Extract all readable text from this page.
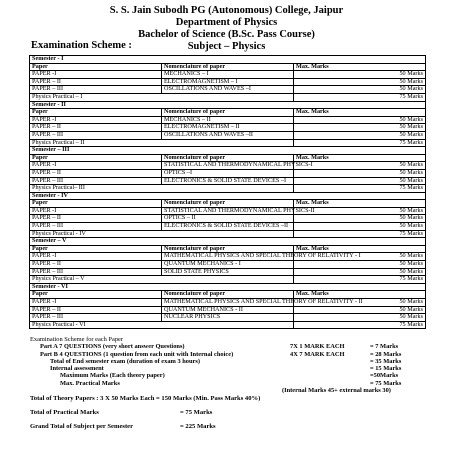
S. S. Jain Subodh PG (Autonomous) College, Jaipur
Department of Physics
Bachelor of Science (B.Sc. Pass Course)
Subject – Physics
Examination Scheme :
Semester - I		
Paper	Nomenclature of paper	Max. Marks
PAPER -I	MECHANICS – I	50 Marks
PAPER – II	ELECTROMAGNETISM – I	50 Marks
PAPER – III	OSCILLATIONS AND WAVES –I	50 Marks
Physics Practical – I		75 Marks
Semester - II		
Paper	Nomenclature of paper	Max. Marks
PAPER -I	MECHANICS – II	50 Marks
PAPER – II	ELECTROMAGNETISM – II	50 Marks
PAPER – III	OSCILLATIONS AND WAVES –II	50 Marks
Physics Practical – II		75 Marks
Semester – III		
Paper	Nomenclature of paper	Max. Marks
PAPER -I	STATISTICAL AND THERMODYNAMICAL PHYSICS-I	50 Marks
PAPER – II	OPTICS –I	50 Marks
PAPER – III	ELECTRONICS & SOLID STATE DEVICES –I	50 Marks
Physics Practical– III		75 Marks
Semester - IV		
Paper	Nomenclature of paper	Max. Marks
PAPER -I	STATISTICAL AND THERMODYNAMICAL PHYSICS-II	50 Marks
PAPER – II	OPTICS – II	50 Marks
PAPER – III	ELECTRONICS & SOLID STATE DEVICES –II	50 Marks
Physics Practical - IV		75 Marks
Semester – V		
Paper	Nomenclature of paper	Max. Marks
PAPER -I	MATHEMATICAL PHYSICS AND SPECIAL THEORY OF RELATIVITY - I	50 Marks
PAPER – II	QUANTUM MECHANICS - I	50 Marks
PAPER – III	SOLID STATE PHYSICS	50 Marks
Physics Practical – V		75 Marks
Semester - VI		
Paper	Nomenclature of paper	Max. Marks
PAPER -I	MATHEMATICAL PHYSICS AND SPECIAL THEORY OF RELATIVITY - II	50 Marks
PAPER – II	QUANTUM MECHANICS - II	50 Marks
PAPER – III	NUCLEAR PHYSICS	50 Marks
Physics Practical - VI		75 Marks
Examination Scheme for each Paper
Part A 7 QUESTIONS (very short answer Questions)	7X 1 MARK EACH	= 7 Marks
Part B 4 QUESTIONS (1 question from each unit with Internal choice)	4X 7 MARK EACH	= 28 Marks
Total of End semester exam (duration of exam 3 hours)	= 35 Marks
Internal assessment	= 15 Marks
Maximum Marks (Each theory paper)	=50Marks
Max. Practical Marks	= 75 Marks
(Internal Marks 45+ external marks 30)
Total of Theory Papers : 3 X 50 Marks Each = 150 Marks (Min. Pass Marks 40%)
Total of Practical Marks	= 75 Marks
Grand Total of Subject per Semester	= 225 Marks
